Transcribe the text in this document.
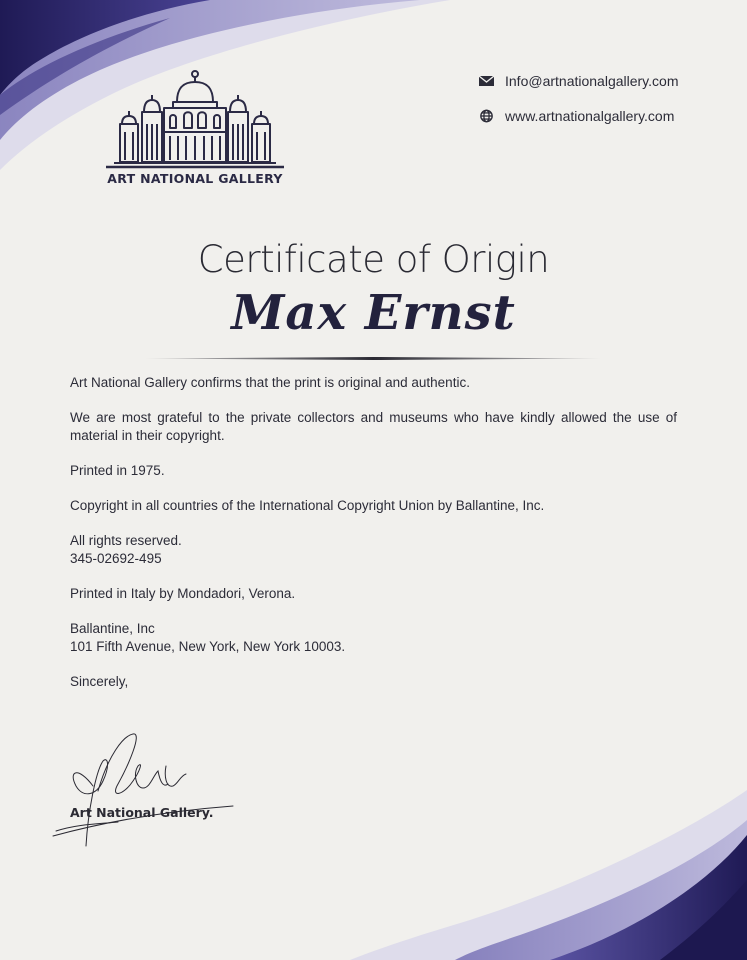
ART NATIONAL GALLERY
Info@artnationalgallery.com
www.artnationalgallery.com
Certificate of Origin
Max Ernst

Art National Gallery confirms that the print is original and authentic.

We are most grateful to the private collectors and museums who have kindly allowed the use of material in their copyright.

Printed in 1975.

Copyright in all countries of the International Copyright Union by Ballantine, Inc.

All rights reserved.
345-02692-495

Printed in Italy by Mondadori, Verona.

Ballantine, Inc
101 Fifth Avenue, New York, New York 10003.

Sincerely,

Art National Gallery.
